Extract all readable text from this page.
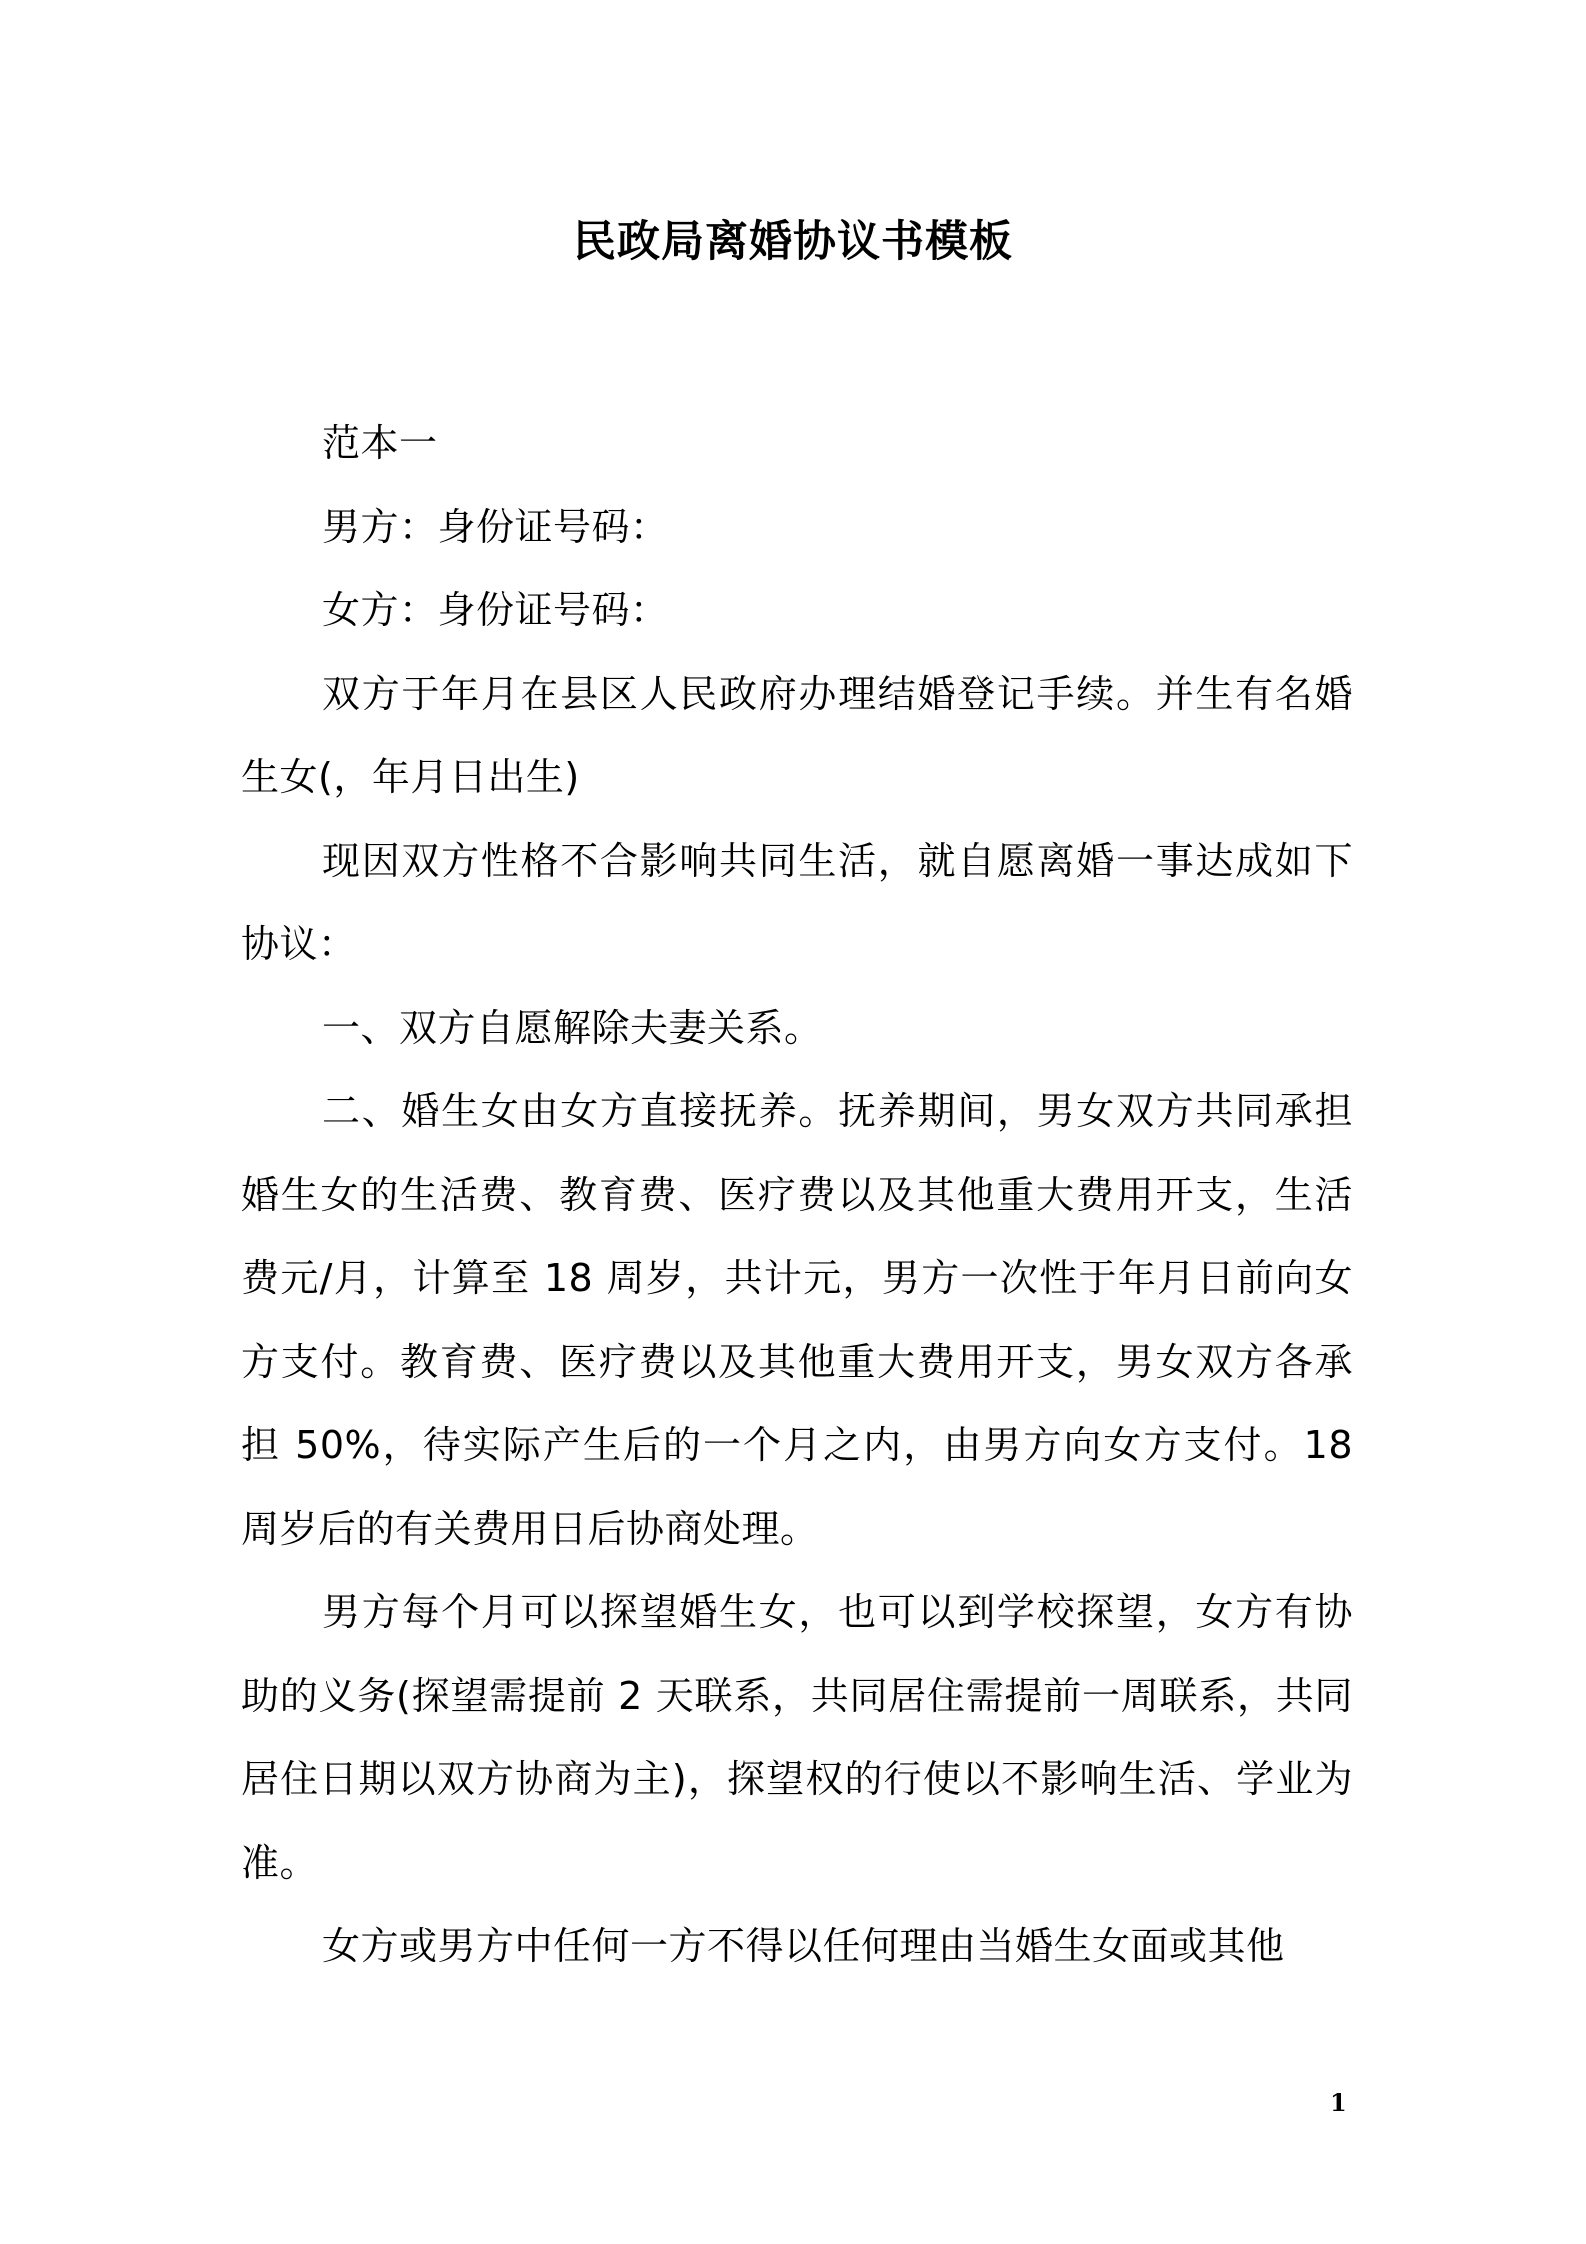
民政局离婚协议书模板

范本一

男方：身份证号码：

女方：身份证号码：

双方于年月在县区人民政府办理结婚登记手续。并生有名婚生女(，年月日出生)

现因双方性格不合影响共同生活，就自愿离婚一事达成如下协议：

一、双方自愿解除夫妻关系。

二、婚生女由女方直接抚养。抚养期间，男女双方共同承担婚生女的生活费、教育费、医疗费以及其他重大费用开支，生活费元/月，计算至 18 周岁，共计元，男方一次性于年月日前向女方支付。教育费、医疗费以及其他重大费用开支，男女双方各承担 50%，待实际产生后的一个月之内，由男方向女方支付。18 周岁后的有关费用日后协商处理。

男方每个月可以探望婚生女，也可以到学校探望，女方有协助的义务(探望需提前 2 天联系，共同居住需提前一周联系，共同居住日期以双方协商为主)，探望权的行使以不影响生活、学业为准。

女方或男方中任何一方不得以任何理由当婚生女面或其他

1
